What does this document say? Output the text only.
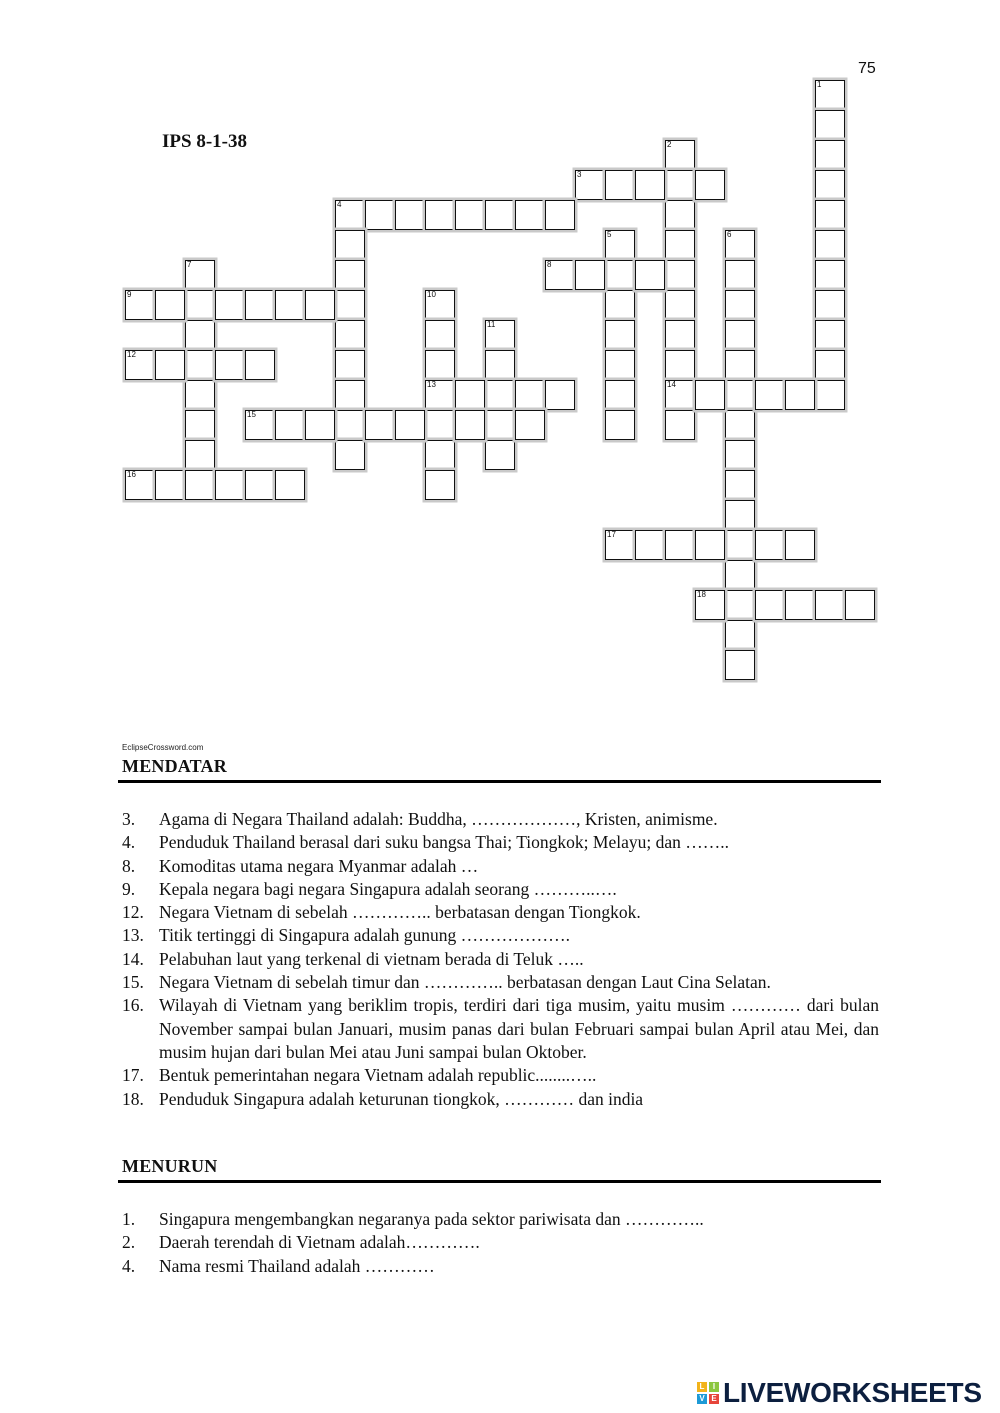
75
IPS 8-1-38
1
2
14
3
4
5	6
7	8
9	10
13
11
12
15
16
17
18
EclipseCrossword.com
MENDATAR
3.	Agama di Negara Thailand adalah: Buddha, ………………, Kristen, animisme.
4.	Penduduk Thailand berasal dari suku bangsa Thai; Tiongkok; Melayu; dan ……..
8.	Komoditas utama negara Myanmar adalah …
9.	Kepala negara bagi negara Singapura adalah seorang ………..….
12. Negara Vietnam di sebelah ………….. berbatasan dengan Tiongkok.
13. Titik tertinggi di Singapura adalah gunung ……………….
14. Pelabuhan laut yang terkenal di vietnam berada di Teluk …..
15. Negara Vietnam di sebelah timur dan ………….. berbatasan dengan Laut Cina Selatan.
16. Wilayah di Vietnam yang beriklim tropis, terdiri dari tiga musim, yaitu musim ………… dari bulan November sampai bulan Januari, musim panas dari bulan Februari sampai bulan April atau Mei, dan musim hujan dari bulan Mei atau Juni sampai bulan Oktober.
17. Bentuk pemerintahan negara Vietnam adalah republic........…..
18. Penduduk Singapura adalah keturunan tiongkok, ………… dan india
MENURUN
1.	Singapura mengembangkan negaranya pada sektor pariwisata dan …………..
2.	Daerah terendah di Vietnam adalah………….
4.	Nama resmi Thailand adalah …………
L	I
V E LIVEWORKSHEETS
